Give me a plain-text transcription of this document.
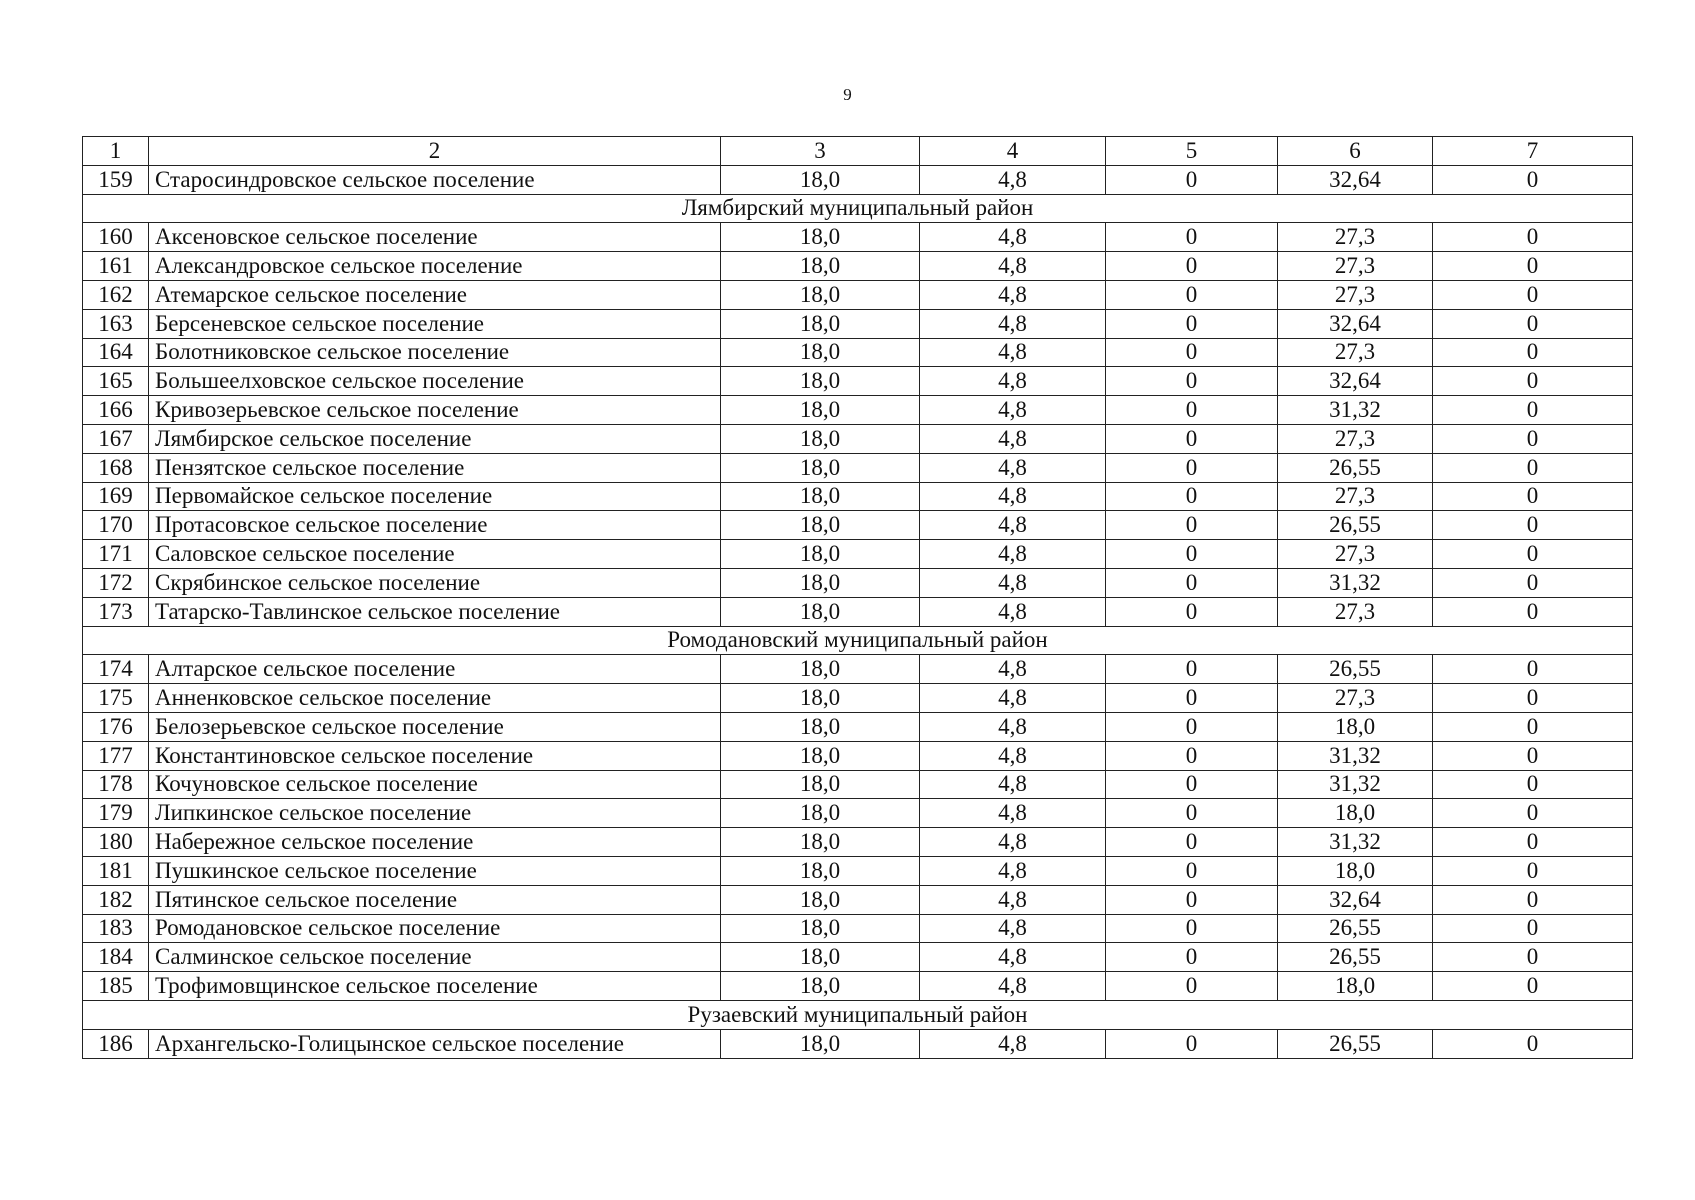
9
1	2	3	4	5	6	7
159	Старосиндровское сельское поселение	18,0	4,8	0	32,64	0
Лямбирский муниципальный район						
160	Аксеновское сельское поселение	18,0	4,8	0	27,3	0
161	Александровское сельское поселение	18,0	4,8	0	27,3	0
162	Атемарское сельское поселение	18,0	4,8	0	27,3	0
163	Берсеневское сельское поселение	18,0	4,8	0	32,64	0
164	Болотниковское сельское поселение	18,0	4,8	0	27,3	0
165	Большеелховское сельское поселение	18,0	4,8	0	32,64	0
166	Кривозерьевское сельское поселение	18,0	4,8	0	31,32	0
167	Лямбирское сельское поселение	18,0	4,8	0	27,3	0
168	Пензятское сельское поселение	18,0	4,8	0	26,55	0
169	Первомайское сельское поселение	18,0	4,8	0	27,3	0
170	Протасовское сельское поселение	18,0	4,8	0	26,55	0
171	Саловское сельское поселение	18,0	4,8	0	27,3	0
172	Скрябинское сельское поселение	18,0	4,8	0	31,32	0
173	Татарско-Тавлинское сельское поселение	18,0	4,8	0	27,3	0
Ромодановский муниципальный район						
174	Алтарское сельское поселение	18,0	4,8	0	26,55	0
175	Анненковское сельское поселение	18,0	4,8	0	27,3	0
176	Белозерьевское сельское поселение	18,0	4,8	0	18,0	0
177	Константиновское сельское поселение	18,0	4,8	0	31,32	0
178	Кочуновское сельское поселение	18,0	4,8	0	31,32	0
179	Липкинское сельское поселение	18,0	4,8	0	18,0	0
180	Набережное сельское поселение	18,0	4,8	0	31,32	0
181	Пушкинское сельское поселение	18,0	4,8	0	18,0	0
182	Пятинское сельское поселение	18,0	4,8	0	32,64	0
183	Ромодановское сельское поселение	18,0	4,8	0	26,55	0
184	Салминское сельское поселение	18,0	4,8	0	26,55	0
185	Трофимовщинское сельское поселение	18,0	4,8	0	18,0	0
Рузаевский муниципальный район						
186	Архангельско-Голицынское сельское поселение	18,0	4,8	0	26,55	0
